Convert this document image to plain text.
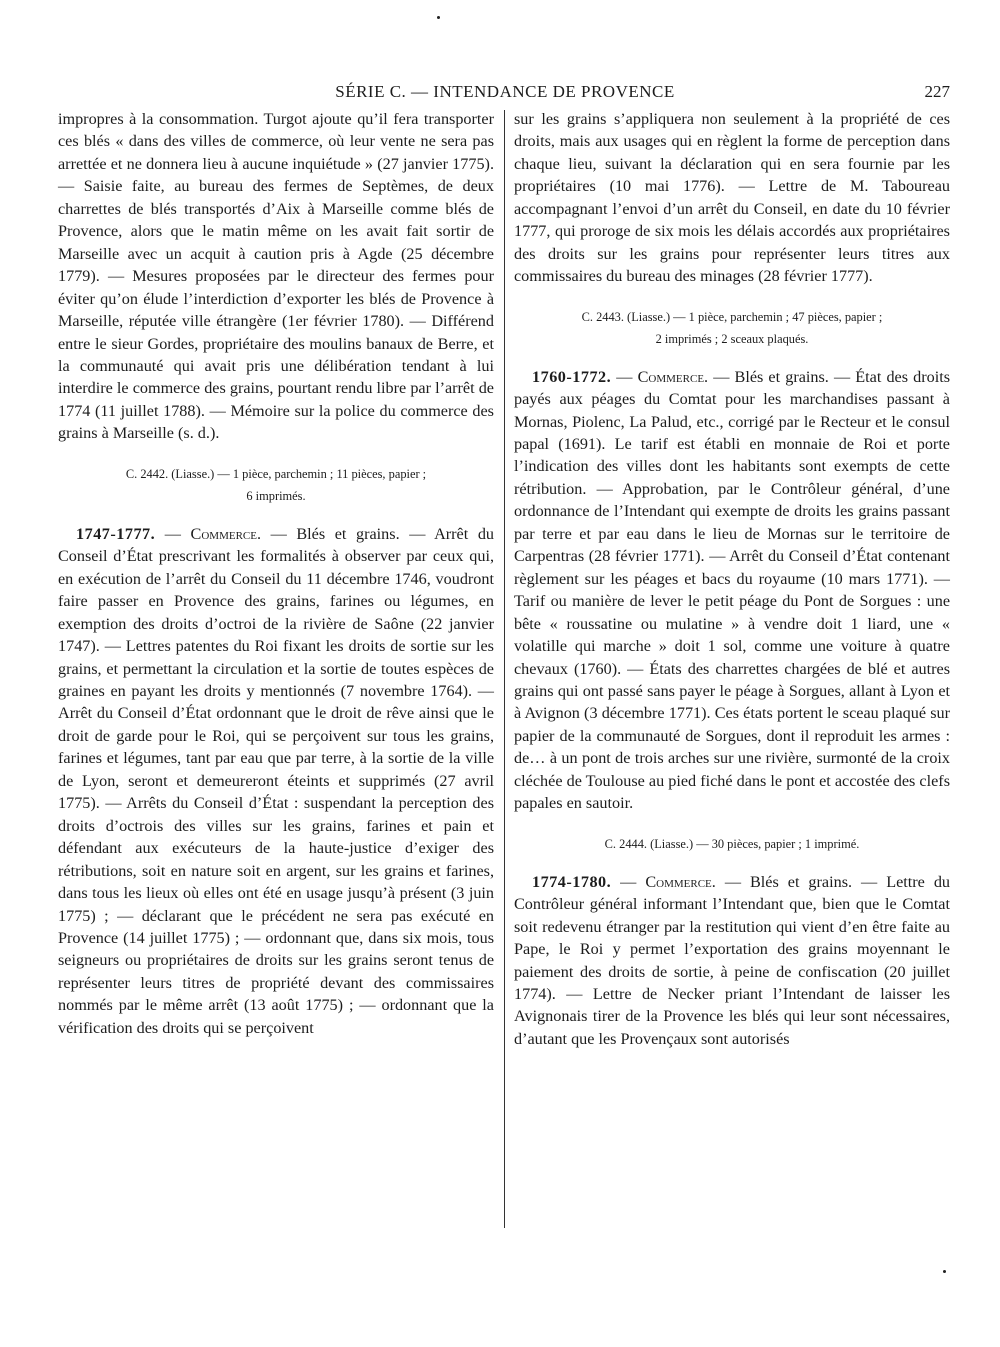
SÉRIE C. — INTENDANCE DE PROVENCE	227

impropres à la consommation. Turgot ajoute qu’il fera transporter ces blés « dans des villes de commerce, où leur vente ne sera pas arrettée et ne donnera lieu à aucune inquiétude » (27 janvier 1775). — Saisie faite, au bureau des fermes de Septèmes, de deux charrettes de blés transportés d’Aix à Marseille comme blés de Provence, alors que le matin même on les avait fait sortir de Marseille avec un acquit à caution pris à Agde (25 décembre 1779). — Mesures proposées par le directeur des fermes pour éviter qu’on élude l’interdiction d’exporter les blés de Provence à Marseille, réputée ville étrangère (1er février 1780). — Différend entre le sieur Gordes, propriétaire des moulins banaux de Berre, et la communauté qui avait pris une délibération tendant à lui interdire le commerce des grains, pourtant rendu libre par l’arrêt de 1774 (11 juillet 1788). — Mémoire sur la police du commerce des grains à Marseille (s. d.).

C. 2442. (Liasse.) — 1 pièce, parchemin ; 11 pièces, papier ;
6 imprimés.

1747-1777. — Commerce. — Blés et grains. — Arrêt du Conseil d’État prescrivant les formalités à observer par ceux qui, en exécution de l’arrêt du Conseil du 11 décembre 1746, voudront faire passer en Provence des grains, farines ou légumes, en exemption des droits d’octroi de la rivière de Saône (22 janvier 1747). — Lettres patentes du Roi fixant les droits de sortie sur les grains, et permettant la circulation et la sortie de toutes espèces de graines en payant les droits y mentionnés (7 novembre 1764). — Arrêt du Conseil d’État ordonnant que le droit de rêve ainsi que le droit de garde pour le Roi, qui se perçoivent sur tous les grains, farines et légumes, tant par eau que par terre, à la sortie de la ville de Lyon, seront et demeureront éteints et supprimés (27 avril 1775). — Arrêts du Conseil d’État : suspendant la perception des droits d’octrois des villes sur les grains, farines et pain et défendant aux exécuteurs de la haute-justice d’exiger des rétributions, soit en nature soit en argent, sur les grains et farines, dans tous les lieux où elles ont été en usage jusqu’à présent (3 juin 1775) ; — déclarant que le précédent ne sera pas exécuté en Provence (14 juillet 1775) ; — ordonnant que, dans six mois, tous seigneurs ou propriétaires de droits sur les grains seront tenus de représenter leurs titres de propriété devant des commissaires nommés par le même arrêt (13 août 1775) ; — ordonnant que la vérification des droits qui se perçoivent

sur les grains s’appliquera non seulement à la propriété de ces droits, mais aux usages qui en règlent la forme de perception dans chaque lieu, suivant la déclaration qui en sera fournie par les propriétaires (10 mai 1776). — Lettre de M. Taboureau accompagnant l’envoi d’un arrêt du Conseil, en date du 10 février 1777, qui proroge de six mois les délais accordés aux propriétaires des droits sur les grains pour représenter leurs titres aux commissaires du bureau des minages (28 février 1777).

C. 2443. (Liasse.) — 1 pièce, parchemin ; 47 pièces, papier ;
2 imprimés ; 2 sceaux plaqués.

1760-1772. — Commerce. — Blés et grains. — État des droits payés aux péages du Comtat pour les marchandises passant à Mornas, Piolenc, La Palud, etc., corrigé par le Recteur et le consul papal (1691). Le tarif est établi en monnaie de Roi et porte l’indication des villes dont les habitants sont exempts de cette rétribution. — Approbation, par le Contrôleur général, d’une ordonnance de l’Intendant qui exempte de droits les grains passant par terre et par eau dans le lieu de Mornas sur le territoire de Carpentras (28 février 1771). — Arrêt du Conseil d’État contenant règlement sur les péages et bacs du royaume (10 mars 1771). — Tarif ou manière de lever le petit péage du Pont de Sorgues : une bête « roussatine ou mulatine » à vendre doit 1 liard, une « volatille qui marche » doit 1 sol, comme une voiture à quatre chevaux (1760). — États des charrettes chargées de blé et autres grains qui ont passé sans payer le péage à Sorgues, allant à Lyon et à Avignon (3 décembre 1771). Ces états portent le sceau plaqué sur papier de la communauté de Sorgues, dont il reproduit les armes : de… à un pont de trois arches sur une rivière, surmonté de la croix cléchée de Toulouse au pied fiché dans le pont et accostée des clefs papales en sautoir.

C. 2444. (Liasse.) — 30 pièces, papier ; 1 imprimé.

1774-1780. — Commerce. — Blés et grains. — Lettre du Contrôleur général informant l’Intendant que, bien que le Comtat soit redevenu étranger par la restitution qui vient d’en être faite au Pape, le Roi y permet l’exportation des grains moyennant le paiement des droits de sortie, à peine de confiscation (20 juillet 1774). — Lettre de Necker priant l’Intendant de laisser les Avignonais tirer de la Provence les blés qui leur sont nécessaires, d’autant que les Provençaux sont autorisés
